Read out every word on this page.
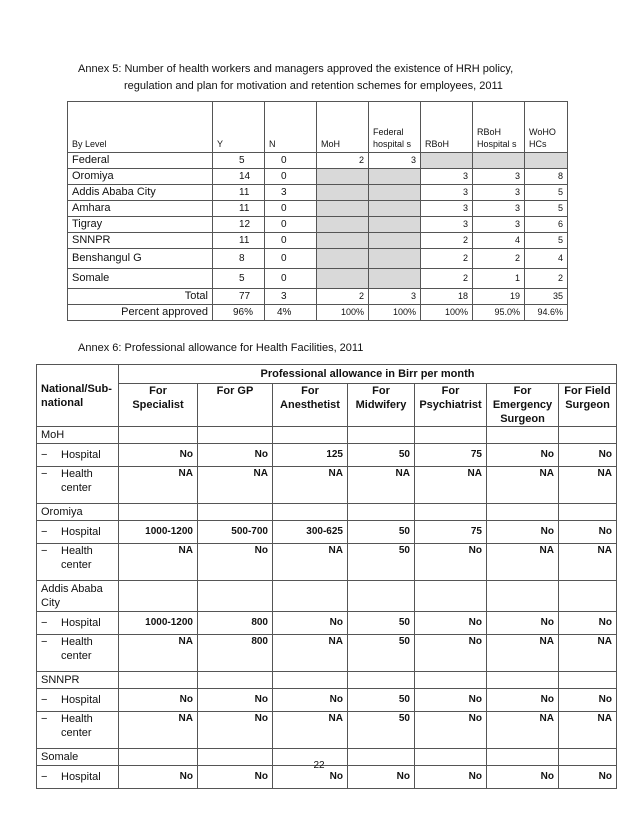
Annex 5: Number of health workers and managers approved the existence of HRH policy,
regulation and plan for motivation and retention schemes for employees, 2011
By Level	Y	N	MoH	Federal hospital s	RBoH	RBoH Hospital s	WoHO HCs
Federal	5	0	2	3			
Oromiya	14	0			3	3	8
Addis Ababa City	11	3			3	3	5
Amhara	11	0			3	3	5
Tigray	12	0			3	3	6
SNNPR	11	0			2	4	5
Benshangul G	8	0			2	2	4
Somale	5	0			2	1	2
Total	77	3	2	3	18	19	35
Percent approved	96%	4%	100%	100%	100%	95.0%	94.6%
Annex 6: Professional allowance for Health Facilities, 2011
National/Sub-national	Professional allowance in Birr per month						
	For Specialist	For GP	For Anesthetist	For Midwifery	For Psychiatrist	For Emergency Surgeon	For Field Surgeon
MoH							
− Hospital	No	No	125	50	75	No	No
− Health center	NA	NA	NA	NA	NA	NA	NA
Oromiya							
− Hospital	1000-1200	500-700	300-625	50	75	No	No
− Health center	NA	No	NA	50	No	NA	NA
Addis Ababa City							
− Hospital	1000-1200	800	No	50	No	No	No
− Health center	NA	800	NA	50	No	NA	NA
SNNPR							
− Hospital	No	No	No	50	No	No	No
− Health center	NA	No	NA	50	No	NA	NA
Somale							
− Hospital	No	No	No	No	No	No	No
22
